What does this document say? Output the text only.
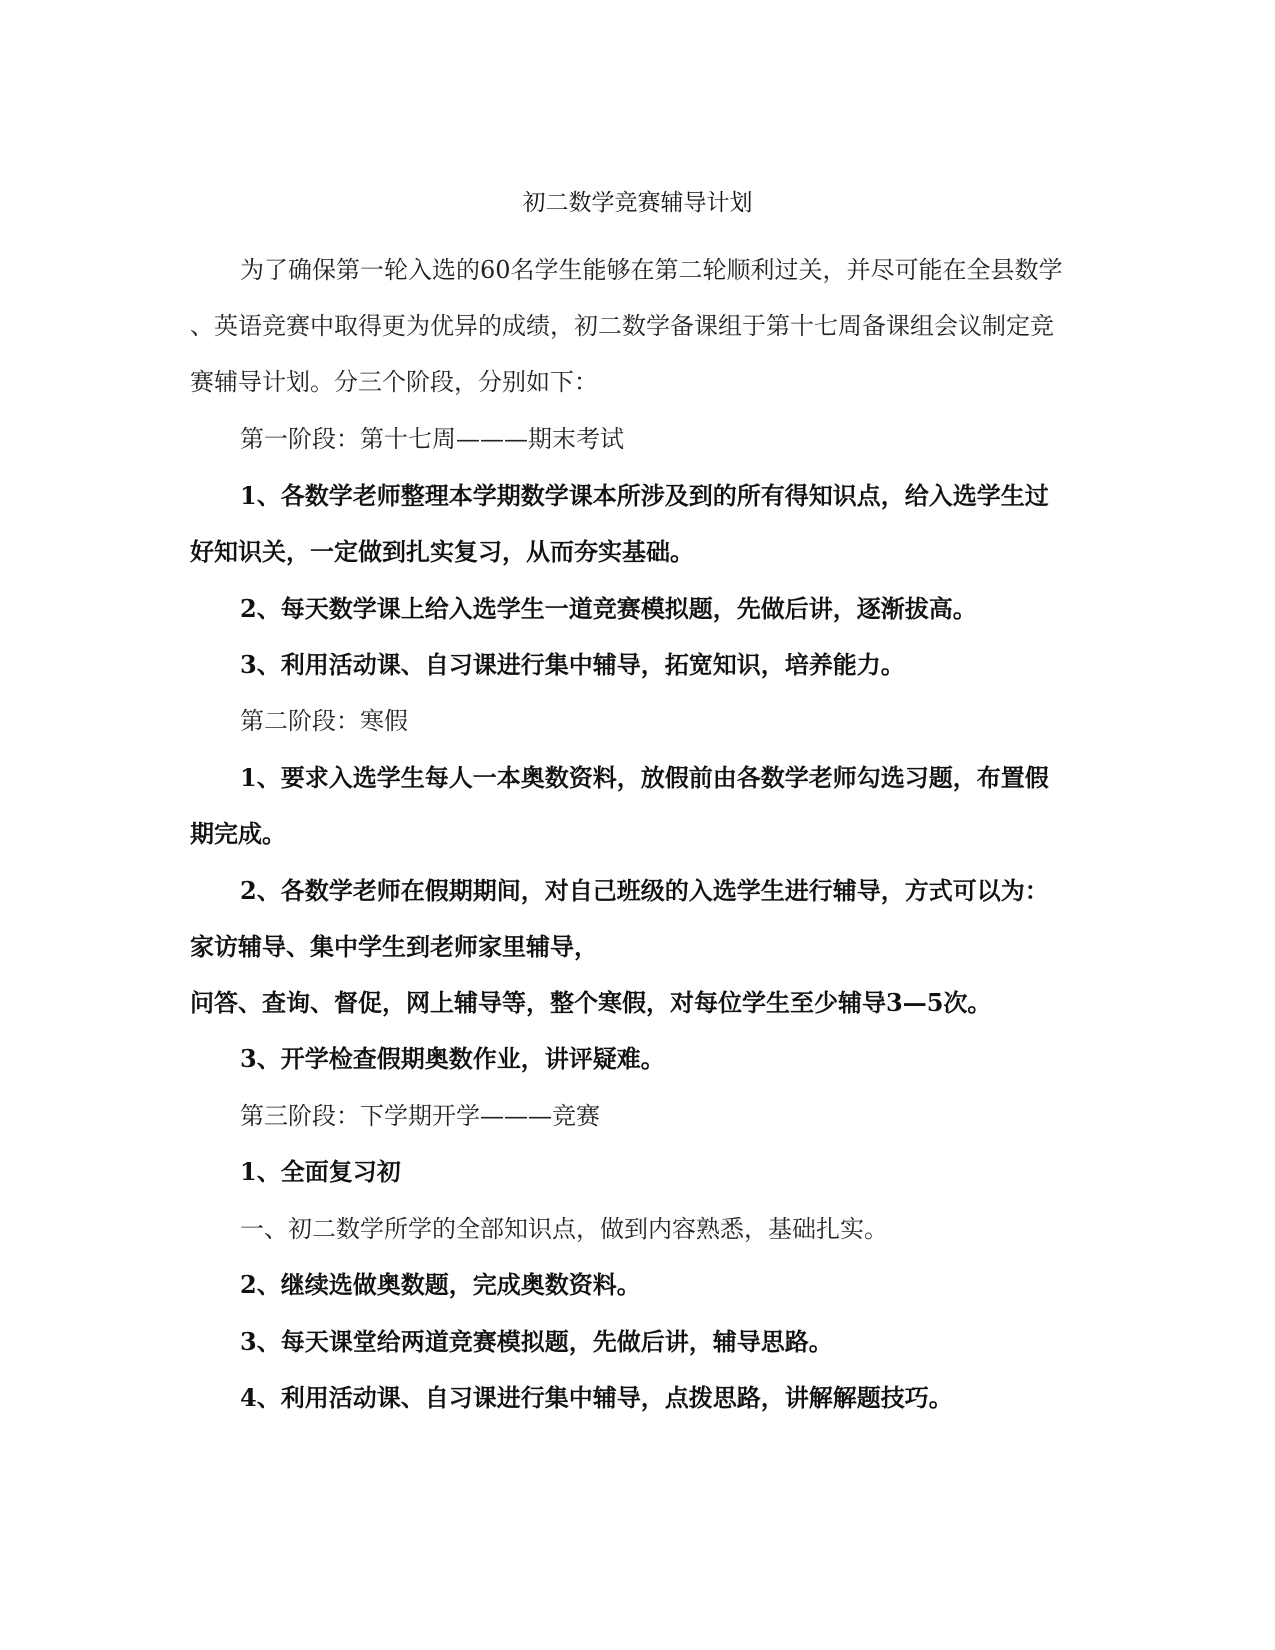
初二数学竞赛辅导计划

为了确保第一轮入选的60名学生能够在第二轮顺利过关，并尽可能在全县数学

、英语竞赛中取得更为优异的成绩，初二数学备课组于第十七周备课组会议制定竞

赛辅导计划。分三个阶段，分别如下：

第一阶段：第十七周———期末考试

1、各数学老师整理本学期数学课本所涉及到的所有得知识点，给入选学生过

好知识关，一定做到扎实复习，从而夯实基础。

2、每天数学课上给入选学生一道竞赛模拟题，先做后讲，逐渐拔高。

3、利用活动课、自习课进行集中辅导，拓宽知识，培养能力。

第二阶段：寒假

1、要求入选学生每人一本奥数资料，放假前由各数学老师勾选习题，布置假

期完成。

2、各数学老师在假期期间，对自己班级的入选学生进行辅导，方式可以为：

家访辅导、集中学生到老师家里辅导，

问答、查询、督促，网上辅导等，整个寒假，对每位学生至少辅导3—5次。

3、开学检查假期奥数作业，讲评疑难。

第三阶段：下学期开学———竞赛

1、全面复习初

一、初二数学所学的全部知识点，做到内容熟悉，基础扎实。

2、继续选做奥数题，完成奥数资料。

3、每天课堂给两道竞赛模拟题，先做后讲，辅导思路。

4、利用活动课、自习课进行集中辅导，点拨思路，讲解解题技巧。
